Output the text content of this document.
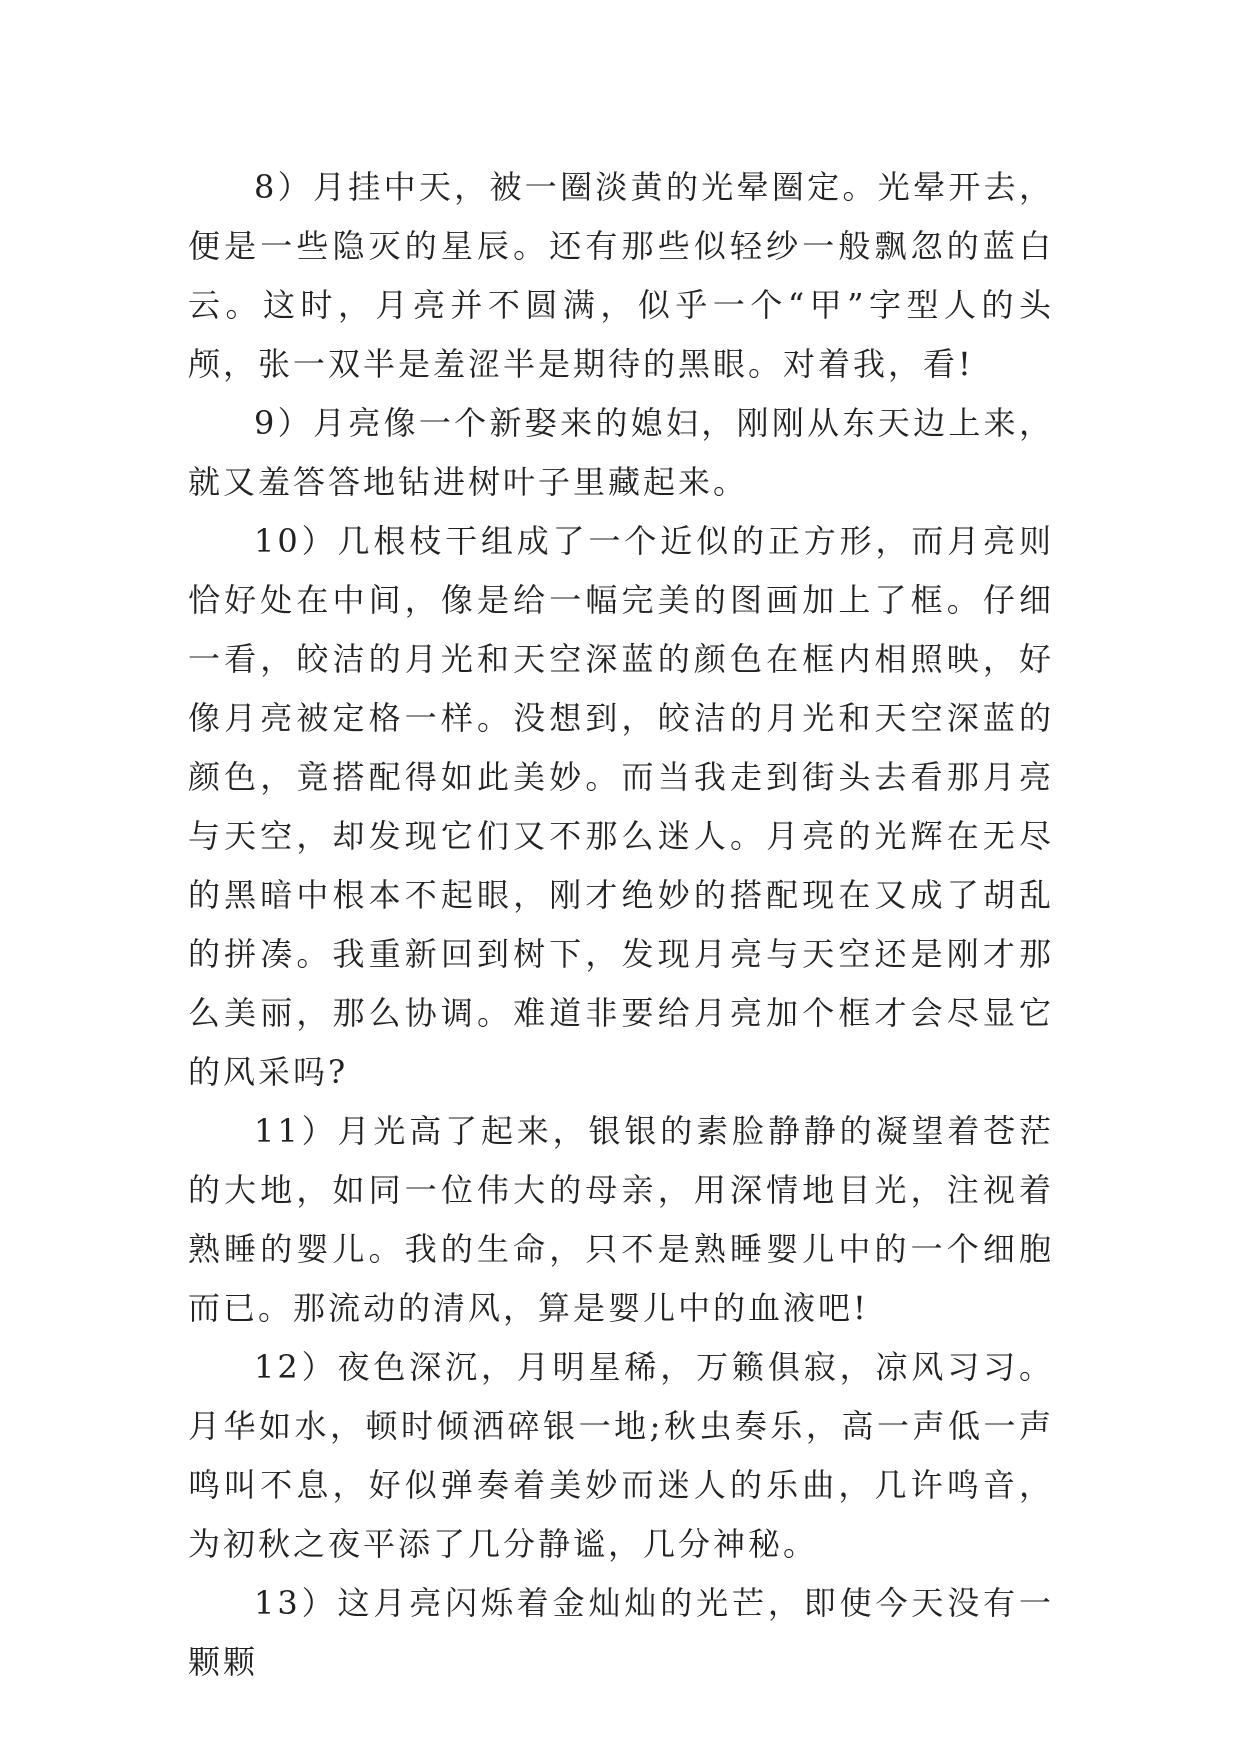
8）月挂中天，被一圈淡黄的光晕圈定。光晕开去，便是一些隐灭的星辰。还有那些似轻纱一般飘忽的蓝白云。这时，月亮并不圆满，似乎一个“甲”字型人的头颅，张一双半是羞涩半是期待的黑眼。对着我，看!

9）月亮像一个新娶来的媳妇，刚刚从东天边上来，就又羞答答地钻进树叶子里藏起来。

10）几根枝干组成了一个近似的正方形，而月亮则恰好处在中间，像是给一幅完美的图画加上了框。仔细一看，皎洁的月光和天空深蓝的颜色在框内相照映，好像月亮被定格一样。没想到，皎洁的月光和天空深蓝的颜色，竟搭配得如此美妙。而当我走到街头去看那月亮与天空，却发现它们又不那么迷人。月亮的光辉在无尽的黑暗中根本不起眼，刚才绝妙的搭配现在又成了胡乱的拼凑。我重新回到树下，发现月亮与天空还是刚才那么美丽，那么协调。难道非要给月亮加个框才会尽显它的风采吗?

11）月光高了起来，银银的素脸静静的凝望着苍茫的大地，如同一位伟大的母亲，用深情地目光，注视着熟睡的婴儿。我的生命，只不是熟睡婴儿中的一个细胞而已。那流动的清风，算是婴儿中的血液吧!

12）夜色深沉，月明星稀，万籁俱寂，凉风习习。月华如水，顿时倾洒碎银一地;秋虫奏乐，高一声低一声鸣叫不息，好似弹奏着美妙而迷人的乐曲，几许鸣音，为初秋之夜平添了几分静谧，几分神秘。

13）这月亮闪烁着金灿灿的光芒，即使今天没有一颗颗
